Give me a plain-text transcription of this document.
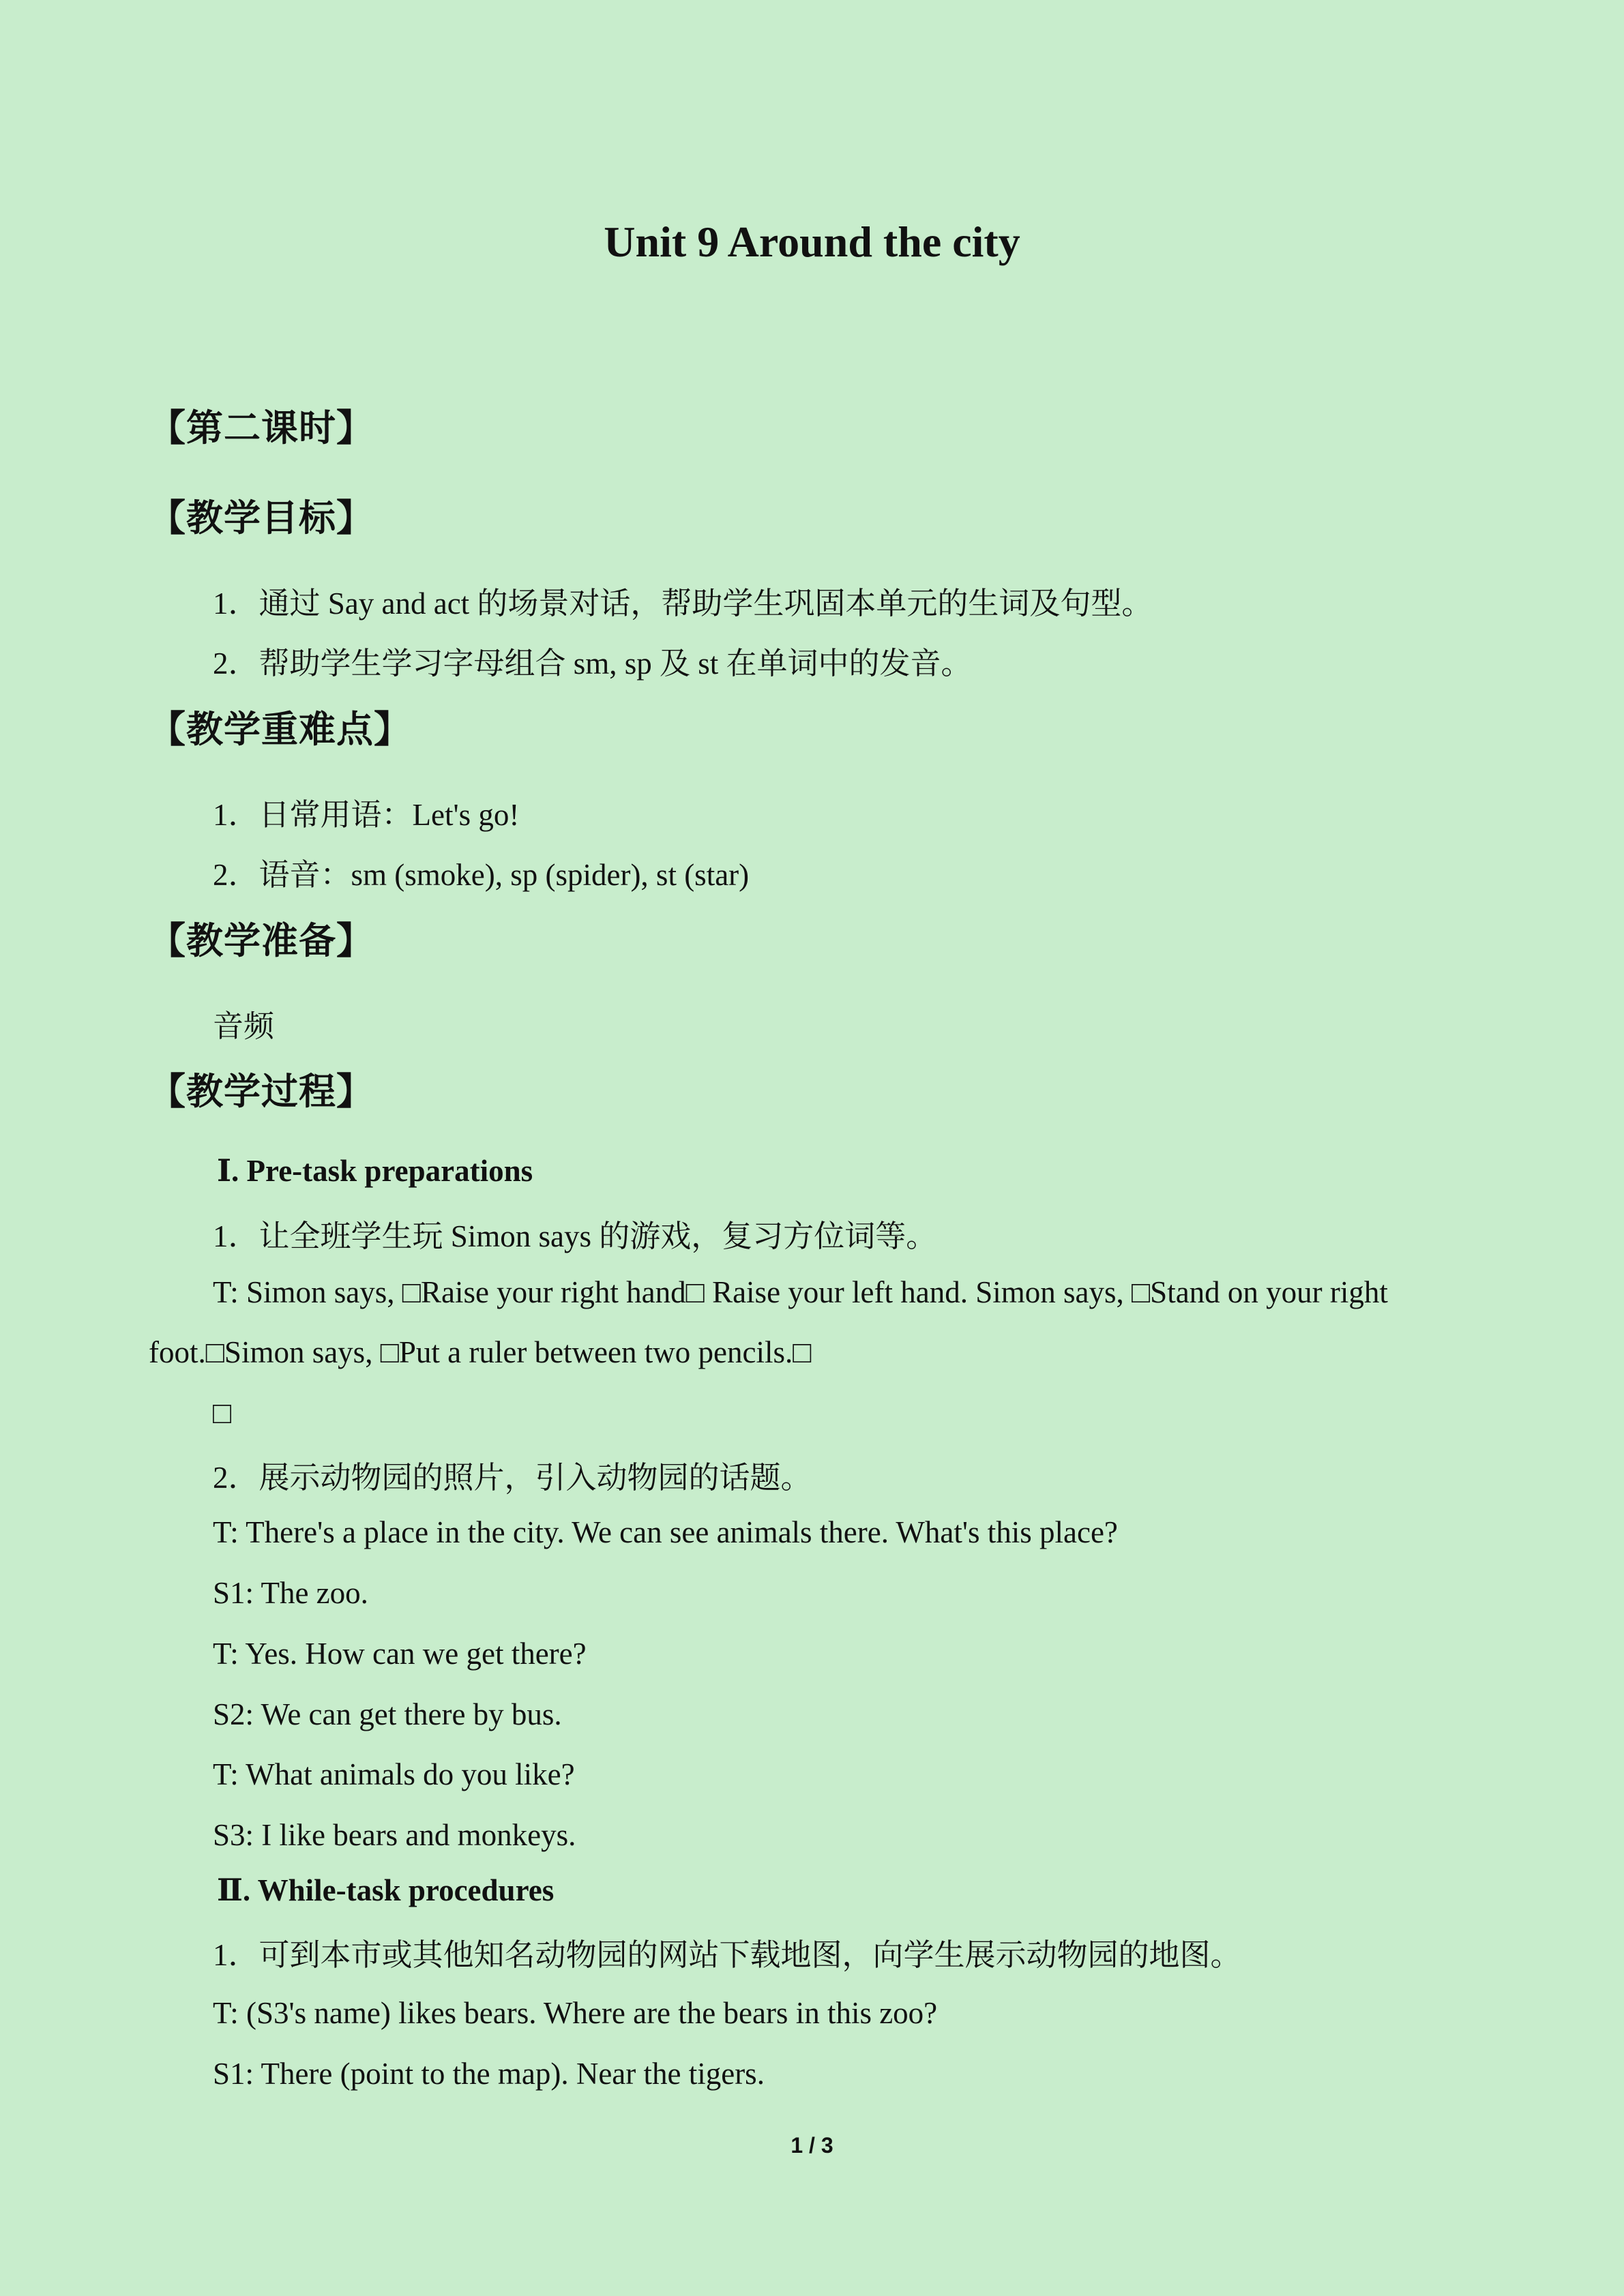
Unit 9 Around the city
【第二课时】
【教学目标】
1．通过 Say and act 的场景对话，帮助学生巩固本单元的生词及句型。
2．帮助学生学习字母组合 sm, sp 及 st 在单词中的发音。
【教学重难点】
1．日常用语：Let's go!
2．语音：sm (smoke), sp (spider), st (star)
【教学准备】
音频
【教学过程】
Ⅰ. Pre-task preparations
1．让全班学生玩 Simon says 的游戏，复习方位词等。
T: Simon says, □Raise your right hand□ Raise your left hand. Simon says, □Stand on your right
foot.□Simon says, □Put a ruler between two pencils.□
□
2．展示动物园的照片，引入动物园的话题。
T: There's a place in the city. We can see animals there. What's this place?
S1: The zoo.
T: Yes. How can we get there?
S2: We can get there by bus.
T: What animals do you like?
S3: I like bears and monkeys.
Ⅱ. While-task procedures
1．可到本市或其他知名动物园的网站下载地图，向学生展示动物园的地图。
T: (S3's name) likes bears. Where are the bears in this zoo?
S1: There (point to the map). Near the tigers.
1 / 3
